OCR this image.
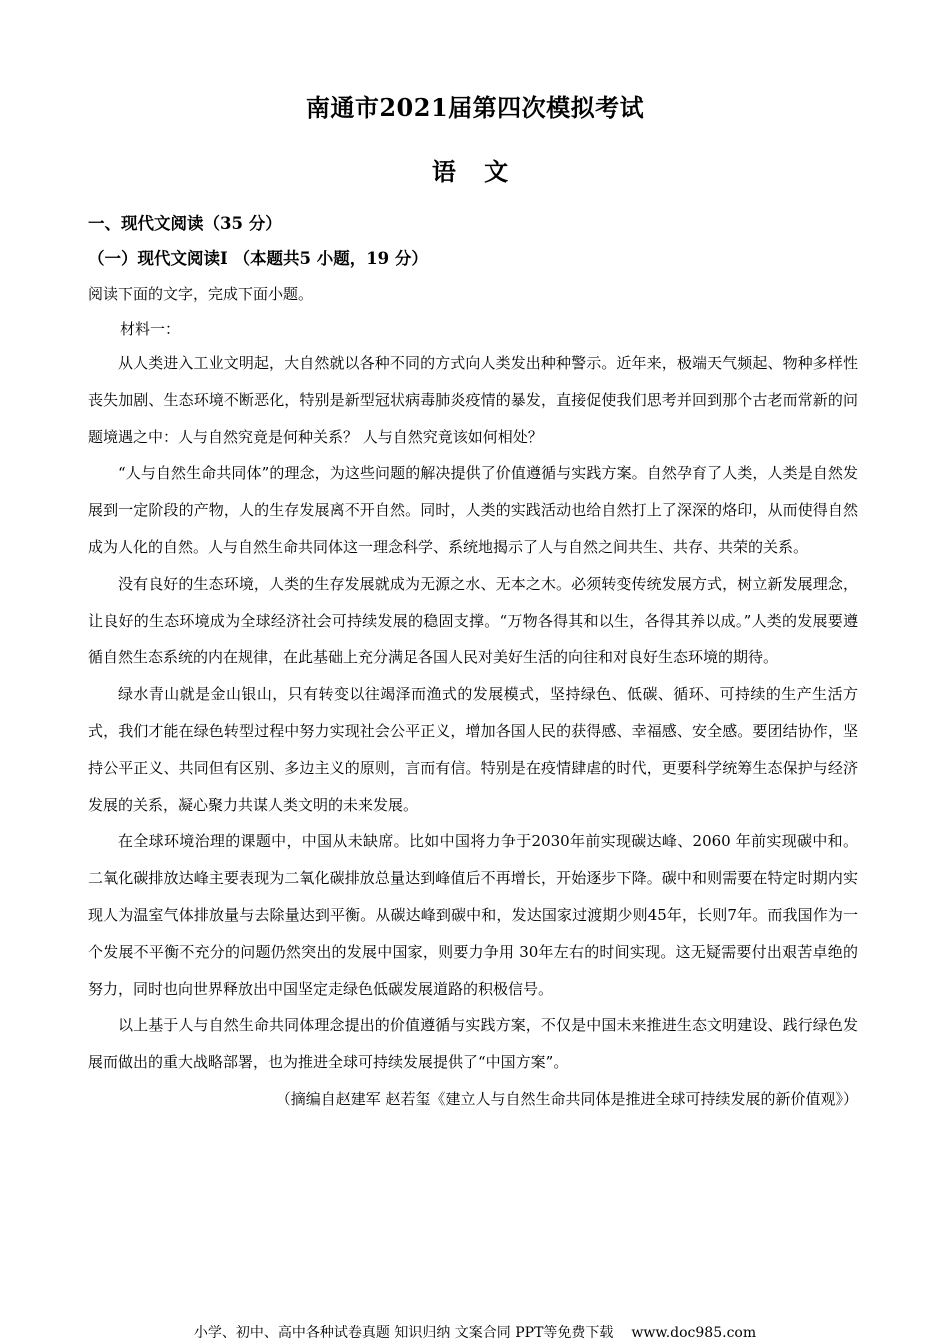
南通市2021届第四次模拟考试
语 文
一、现代文阅读（35 分）
（一）现代文阅读Ⅰ （本题共5 小题，19 分）
阅读下面的文字，完成下面小题。
材料一：

从人类进入工业文明起，大自然就以各种不同的方式向人类发出种种警示。近年来，极端天气频起、物种多样性丧失加剧、生态环境不断恶化，特别是新型冠状病毒肺炎疫情的暴发，直接促使我们思考并回到那个古老而常新的问题境遇之中：人与自然究竟是何种关系？ 人与自然究竟该如何相处？

“人与自然生命共同体”的理念，为这些问题的解决提供了价值遵循与实践方案。自然孕育了人类，人类是自然发展到一定阶段的产物，人的生存发展离不开自然。同时，人类的实践活动也给自然打上了深深的烙印，从而使得自然成为人化的自然。人与自然生命共同体这一理念科学、系统地揭示了人与自然之间共生、共存、共荣的关系。

没有良好的生态环境，人类的生存发展就成为无源之水、无本之木。必须转变传统发展方式，树立新发展理念，让良好的生态环境成为全球经济社会可持续发展的稳固支撑。“万物各得其和以生，各得其养以成。”人类的发展要遵循自然生态系统的内在规律，在此基础上充分满足各国人民对美好生活的向往和对良好生态环境的期待。

绿水青山就是金山银山，只有转变以往竭泽而渔式的发展模式，坚持绿色、低碳、循环、可持续的生产生活方式，我们才能在绿色转型过程中努力实现社会公平正义，增加各国人民的获得感、幸福感、安全感。要团结协作，坚持公平正义、共同但有区别、多边主义的原则，言而有信。特别是在疫情肆虐的时代，更要科学统筹生态保护与经济发展的关系，凝心聚力共谋人类文明的未来发展。

在全球环境治理的课题中，中国从未缺席。比如中国将力争于2030年前实现碳达峰、2060 年前实现碳中和。二氧化碳排放达峰主要表现为二氧化碳排放总量达到峰值后不再增长，开始逐步下降。碳中和则需要在特定时期内实现人为温室气体排放量与去除量达到平衡。从碳达峰到碳中和，发达国家过渡期少则45年，长则7年。而我国作为一个发展不平衡不充分的问题仍然突出的发展中国家，则要力争用 30年左右的时间实现。这无疑需要付出艰苦卓绝的努力，同时也向世界释放出中国坚定走绿色低碳发展道路的积极信号。

以上基于人与自然生命共同体理念提出的价值遵循与实践方案，不仅是中国未来推进生态文明建设、践行绿色发展而做出的重大战略部署，也为推进全球可持续发展提供了“中国方案”。

（摘编自赵建军 赵若玺《建立人与自然生命共同体是推进全球可持续发展的新价值观》）

小学、初中、高中各种试卷真题 知识归纳 文案合同 PPT等免费下载 www.doc985.com
